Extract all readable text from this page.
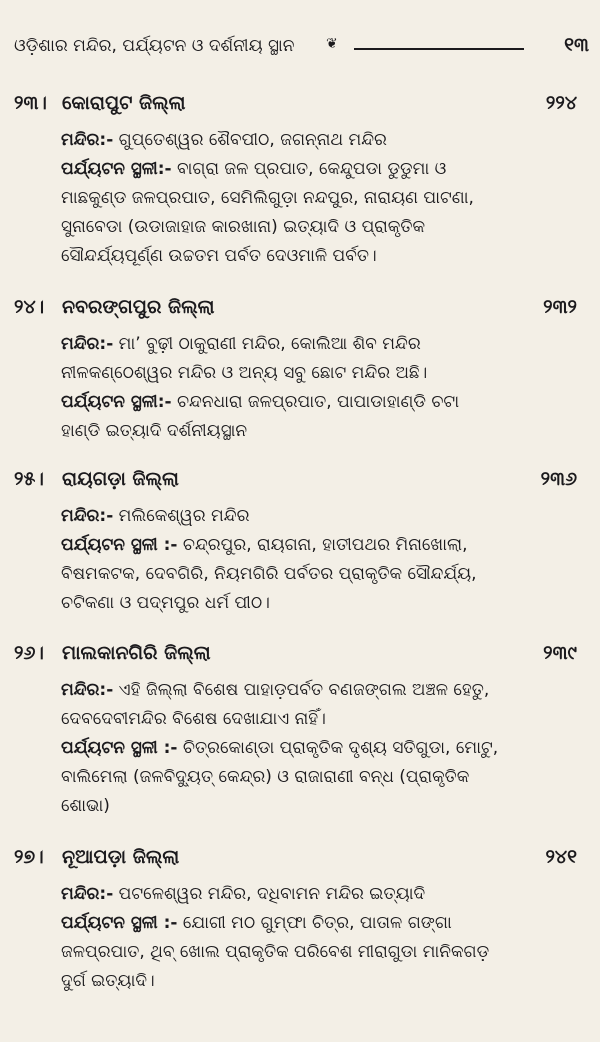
ଓଡ଼ିଶାର ମନ୍ଦିର, ପର୍ଯ୍ୟଟନ ଓ ଦର୍ଶନୀୟ ସ୍ଥାନ ❦	୧୩
୨୩। କୋରାପୁଟ ଜିଲ୍ଲା	୨୨୪
ମନ୍ଦିର:- ଗୁପ୍ତେଶ୍ୱର ଶୈବପୀଠ, ଜଗନ୍ନାଥ ମନ୍ଦିର
ପର୍ଯ୍ୟଟନ ସ୍ଥଳୀ:- ବାଗ୍ରା ଜଳ ପ୍ରପାତ, କେନ୍ଦୁପଡା ଡୁଡୁମା ଓ
ମାଛକୁଣ୍ଡ ଜଳପ୍ରପାତ, ସେମିଲିଗୁଡ଼ା ନନ୍ଦପୁର, ନାରାୟଣ ପାଟଣା,
ସୁନାବେଡା (ଉଡାଜାହାଜ କାରଖାନା) ଇତ୍ୟାଦି ଓ ପ୍ରାକୃତିକ
ସୌନ୍ଦର୍ଯ୍ୟପୂର୍ଣ୍ଣ ଉଚ୍ଚତମ ପର୍ବତ ଦେଓମାଳି ପର୍ବତ।
୨୪। ନବରଙ୍ଗପୁର ଜିଲ୍ଲା	୨୩୨
ମନ୍ଦିର:- ମା’ ବୁଢ଼ୀ ଠାକୁରାଣୀ ମନ୍ଦିର, କୋଲିଆ ଶିବ ମନ୍ଦିର
ନୀଳକଣ୍ଠେଶ୍ୱର ମନ୍ଦିର ଓ ଅନ୍ୟ ସବୁ ଛୋଟ ମନ୍ଦିର ଅଛି।
ପର୍ଯ୍ୟଟନ ସ୍ଥଳୀ:- ଚନ୍ଦନଧାରା ଜଳପ୍ରପାତ, ପାପାଡାହାଣ୍ଡି ଚଟା
ହାଣ୍ଡି ଇତ୍ୟାଦି ଦର୍ଶନୀୟସ୍ଥାନ
୨୫। ରାୟଗଡ଼ା ଜିଲ୍ଲା	୨୩୬
ମନ୍ଦିର:- ମଲିକେଶ୍ୱର ମନ୍ଦିର
ପର୍ଯ୍ୟଟନ ସ୍ଥଳୀ :- ଚନ୍ଦ୍ରପୁର, ରାୟଗନା, ହାତୀପଥର ମିନାଖୋଲା,
ବିଷମକଟକ, ଦେବଗିରି, ନିୟମଗିରି ପର୍ବତର ପ୍ରାକୃତିକ ସୌନ୍ଦର୍ଯ୍ୟ,
ଚଟିକଣା ଓ ପଦ୍ମପୁର ଧର୍ମ ପୀଠ।
୨୬। ମାଲକାନଗିରି ଜିଲ୍ଲା	୨୩୯
ମନ୍ଦିର:- ଏହି ଜିଲ୍ଲା ବିଶେଷ ପାହାଡ଼ପର୍ବତ ବଣଜଙ୍ଗଲ ଅଞ୍ଚଳ ହେତୁ,
ଦେବଦେବୀମନ୍ଦିର ବିଶେଷ ଦେଖାଯାଏ ନାହିଁ।
ପର୍ଯ୍ୟଟନ ସ୍ଥଳୀ :- ଚିତ୍ରକୋଣ୍ଡା ପ୍ରାକୃତିକ ଦୃଶ୍ୟ ସତିଗୁଡା, ମୋଟୁ,
ବାଲିମେଲା (ଜଳବିଦ୍ୟୁତ୍ କେନ୍ଦ୍ର) ଓ ରାଜାରାଣୀ ବନ୍ଧ (ପ୍ରାକୃତିକ
ଶୋଭା)
୨୭। ନୂଆପଡ଼ା ଜିଲ୍ଲା	୨୪୧
ମନ୍ଦିର:- ପଟଳେଶ୍ୱର ମନ୍ଦିର, ଦଧିବାମନ ମନ୍ଦିର ଇତ୍ୟାଦି
ପର୍ଯ୍ୟଟନ ସ୍ଥଳୀ :- ଯୋଗୀ ମଠ ଗୁମ୍ଫା ଚିତ୍ର, ପାତାଳ ଗଙ୍ଗା
ଜଳପ୍ରପାତ, ଥିବ୍ ଖୋଲ ପ୍ରାକୃତିକ ପରିବେଶ ମୀରାଗୁଡା ମାନିକଗଡ଼
ଦୁର୍ଗ ଇତ୍ୟାଦି।
